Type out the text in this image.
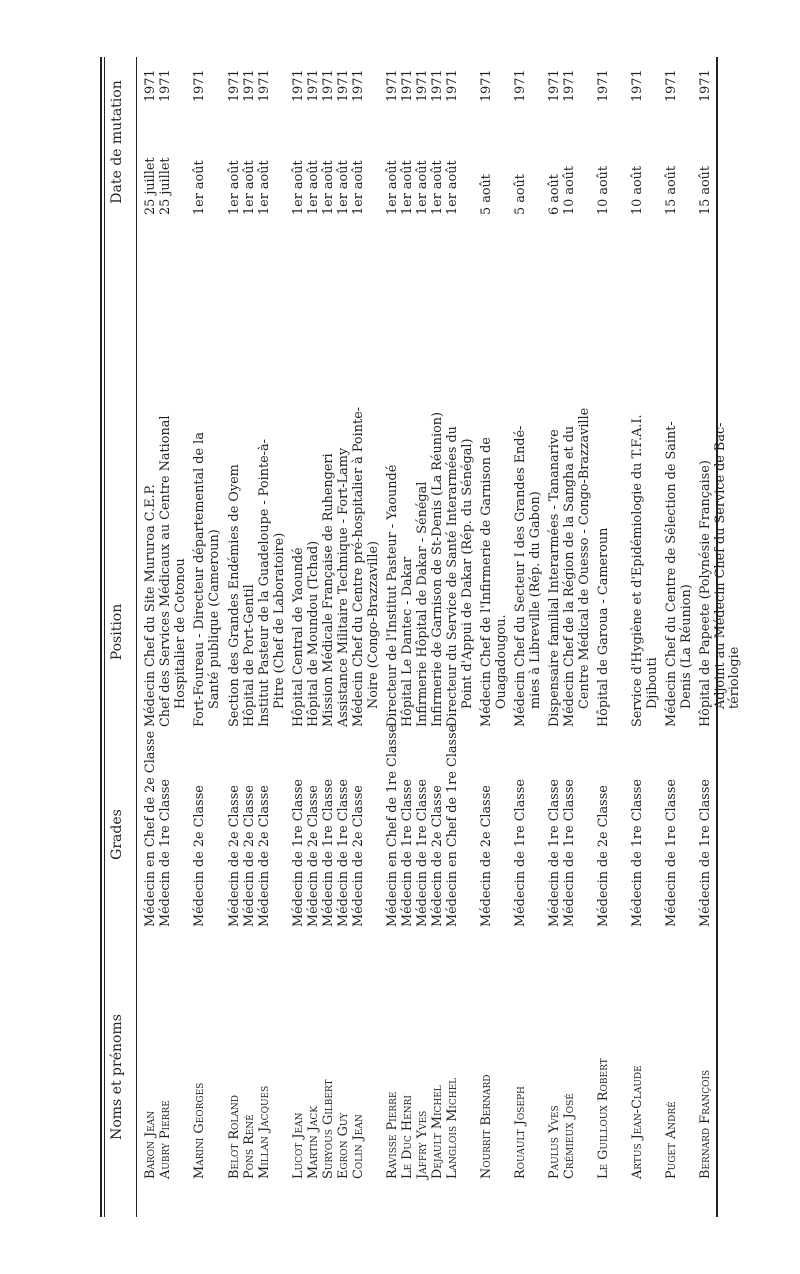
Noms et prénoms
Grades
Position
Date de mutation
Baron Jean
Médecin en Chef de 2e Classe
Médecin Chef du Site Mururoa C.E.P.
25 juillet
1971
Aubry Pierre
Médecin de 1re Classe
Chef des Services Médicaux au Centre National Hospitalier de Cotonou
25 juillet
1971
Marini Georges
Médecin de 2e Classe
Fort-Foureau - Directeur départemental de la Santé publique (Cameroun)
1er août
1971
Belot Roland
Médecin de 2e Classe
Section des Grandes Endémies de Oyem
1er août
1971
Pons René
Médecin de 2e Classe
Hôpital de Port-Gentil
1er août
1971
Millan Jacques
Médecin de 2e Classe
Institut Pasteur de la Guadeloupe - Pointe-à- Pitre (Chef de Laboratoire)
1er août
1971
Lucot Jean
Médecin de 1re Classe
Hôpital Central de Yaoundé
1er août
1971
Martin Jack
Médecin de 2e Classe
Hôpital de Moundou (Tchad)
1er août
1971
Suryous Gilbert
Médecin de 1re Classe
Mission Médicale Française de Ruhengeri
1er août
1971
Egron Guy
Médecin de 1re Classe
Assistance Militaire Technique - Fort-Lamy
1er août
1971
Colin Jean
Médecin de 2e Classe
Médecin Chef du Centre pré-hospitalier à Pointe- Noire (Congo-Brazzaville)
1er août
1971
Ravisse Pierre
Médecin en Chef de 1re Classe
Directeur de l'Institut Pasteur - Yaoundé
1er août
1971
Le Duc Henri
Médecin de 1re Classe
Hôpital Le Dantec - Dakar
1er août
1971
Jaffry Yves
Médecin de 1re Classe
Infirmerie Hôpital de Dakar - Sénégal
1er août
1971
Dejault Michel
Médecin de 2e Classe
Infirmerie de Garnison de St-Denis (La Réunion)
1er août
1971
Langlois Michel
Médecin en Chef de 1re Classe
Directeur du Service de Santé Interarmées du Point d'Appui de Dakar (Rép. du Sénégal)
1er août
1971
Nourrit Bernard
Médecin de 2e Classe
Médecin Chef de l'Infirmerie de Garnison de Ouagadougou.
5 août
1971
Rouault Joseph
Médecin de 1re Classe
Médecin Chef du Secteur I des Grandes Endé- mies à Libreville (Rép. du Gabon)
5 août
1971
Paulus Yves
Médecin de 1re Classe
Dispensaire familial Interarmées - Tananarive
6 août
1971
Crémieux José
Médecin de 1re Classe
Médecin Chef de la Région de la Sangha et du Centre Médical de Ouesso - Congo-Brazzaville
10 août
1971
Le Guilloux Robert
Médecin de 2e Classe
Hôpital de Garoua - Cameroun
10 août
1971
Artus Jean-Claude
Médecin de 1re Classe
Service d'Hygiène et d'Epidémiologie du T.F.A.I. Djibouti
10 août
1971
Puget André
Médecin de 1re Classe
Médecin Chef du Centre de Sélection de Saint- Denis (La Réunion)
15 août
1971
Bernard François
Médecin de 1re Classe
Hôpital de Papeete (Polynésie Française) Adjoint au Médecin Chef du Service de Bac- tériologie
15 août
1971
